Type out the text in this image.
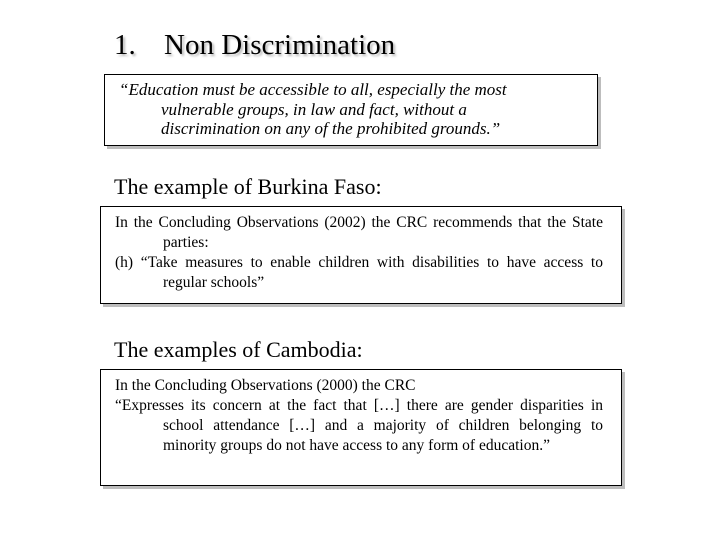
1. Non Discrimination
“Education must be accessible to all, especially the most
vulnerable groups, in law and fact, without a
discrimination on any of the prohibited grounds.”
The example of Burkina Faso:
In the Concluding Observations (2002) the CRC recommends that the State parties:
(h) “Take measures to enable children with disabilities to have access to regular schools”
The examples of Cambodia:
In the Concluding Observations (2000) the CRC
“Expresses its concern at the fact that […] there are gender disparities in school attendance […] and a majority of children belonging to minority groups do not have access to any form of education.”
